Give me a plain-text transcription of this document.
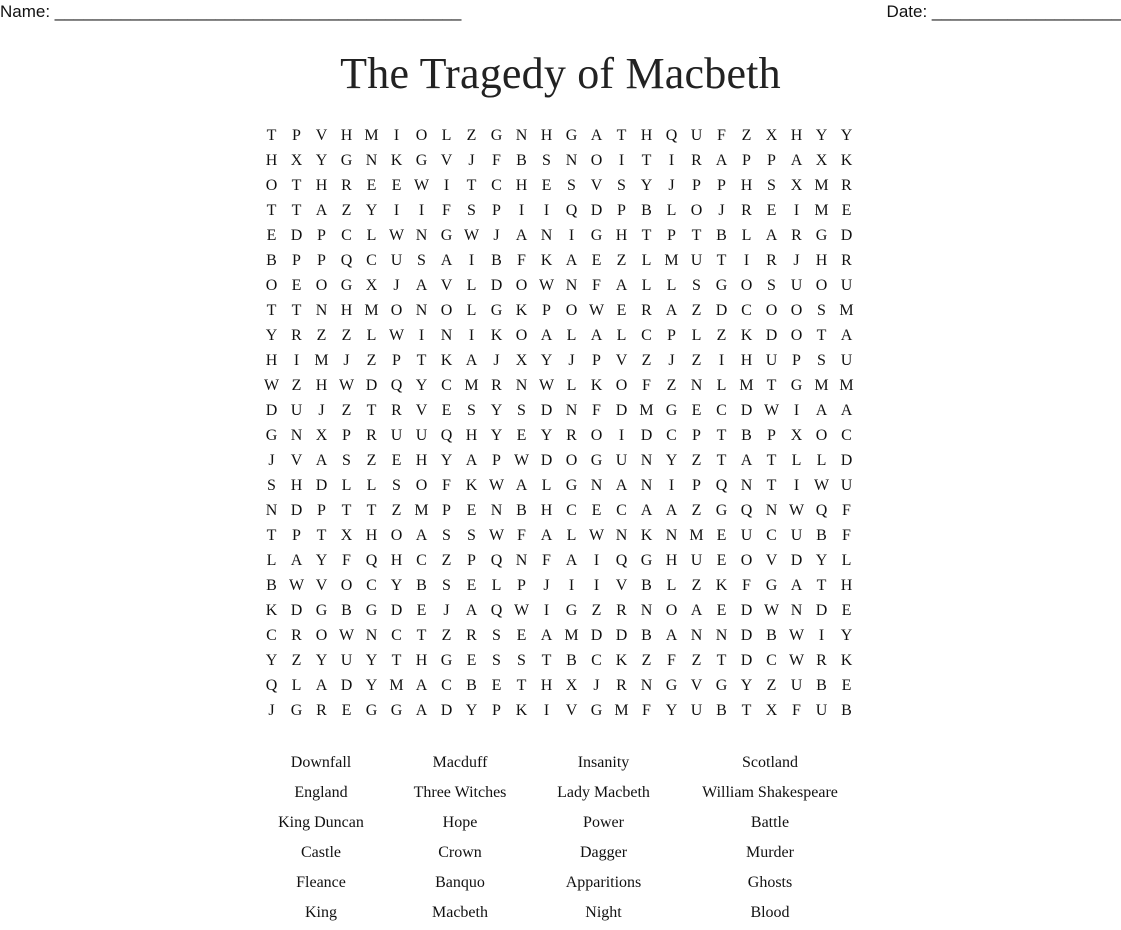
Name: ___________________________________________	Date: ____________________
The Tragedy of Macbeth
T P V H M I	O L Z G N H G A T H Q U F Z X H Y Y
H X Y G N K G V	J	F B S N O	I	T	I	R A P	P A X K
O T H R E E W I	T C H E S V S Y	J	P	P H S X M R
T T A Z Y	I	I	F	S	P	I	I	Q D P B L O	J	R E	I M E
E D P C L W N G W J	A N	I	G H T P T B L A R G D
B P	P Q C U S A	I	B F K A E Z L M U T	I	R	J	H R
O E O G X	J	A V L D O W N F A L L S G O S U O U
T T N H M O N O L G K P O W E R A Z D C O O S M
Y R Z Z L W I	N	I	K O A L A L C P L Z K D O T A
H	I M J	Z P T K A	J	X Y	J	P V Z	J	Z	I	H U P	S U
W Z H W D Q Y C M R N W L K O F Z N L M T G M M
D U	J	Z T R V E S Y S D N F D M G E C D W I	A A
G N X P R U U Q H Y E Y R O	I	D C P T B P X O C
J	V A S Z E H Y A P W D O G U N Y Z T A T L L D
S H D L L S O F K W A L G N A N	I	P Q N T	I W U
N D P T T Z M P E N B H C E C A A Z G Q N W Q F
T P T X H O A S	S W F A L W N K N M E U C U B F
L A Y F Q H C Z P Q N F A	I	Q G H U E O V D Y L
B W V O C Y B S E L P	J	I	I	V B L Z K F G A T H
K D G B G D E	J	A Q W I	G Z R N O A E D W N D E
C R O W N C T Z R S E A M D D B A N N D B W I	Y
Y Z Y U Y T H G E S	S T B C K Z F Z T D C W R K
Q L A D Y M A C B E T H X	J	R N G V G Y Z U B E
J	G R E G G A D Y P K	I	V G M F Y U B T X F U B
Downfall	Macduff	Insanity	Scotland
England	Three Witches	Lady Macbeth	William Shakespeare
King Duncan	Hope	Power	Battle
Castle	Crown	Dagger	Murder
Fleance	Banquo	Apparitions	Ghosts
King	Macbeth	Night	Blood
